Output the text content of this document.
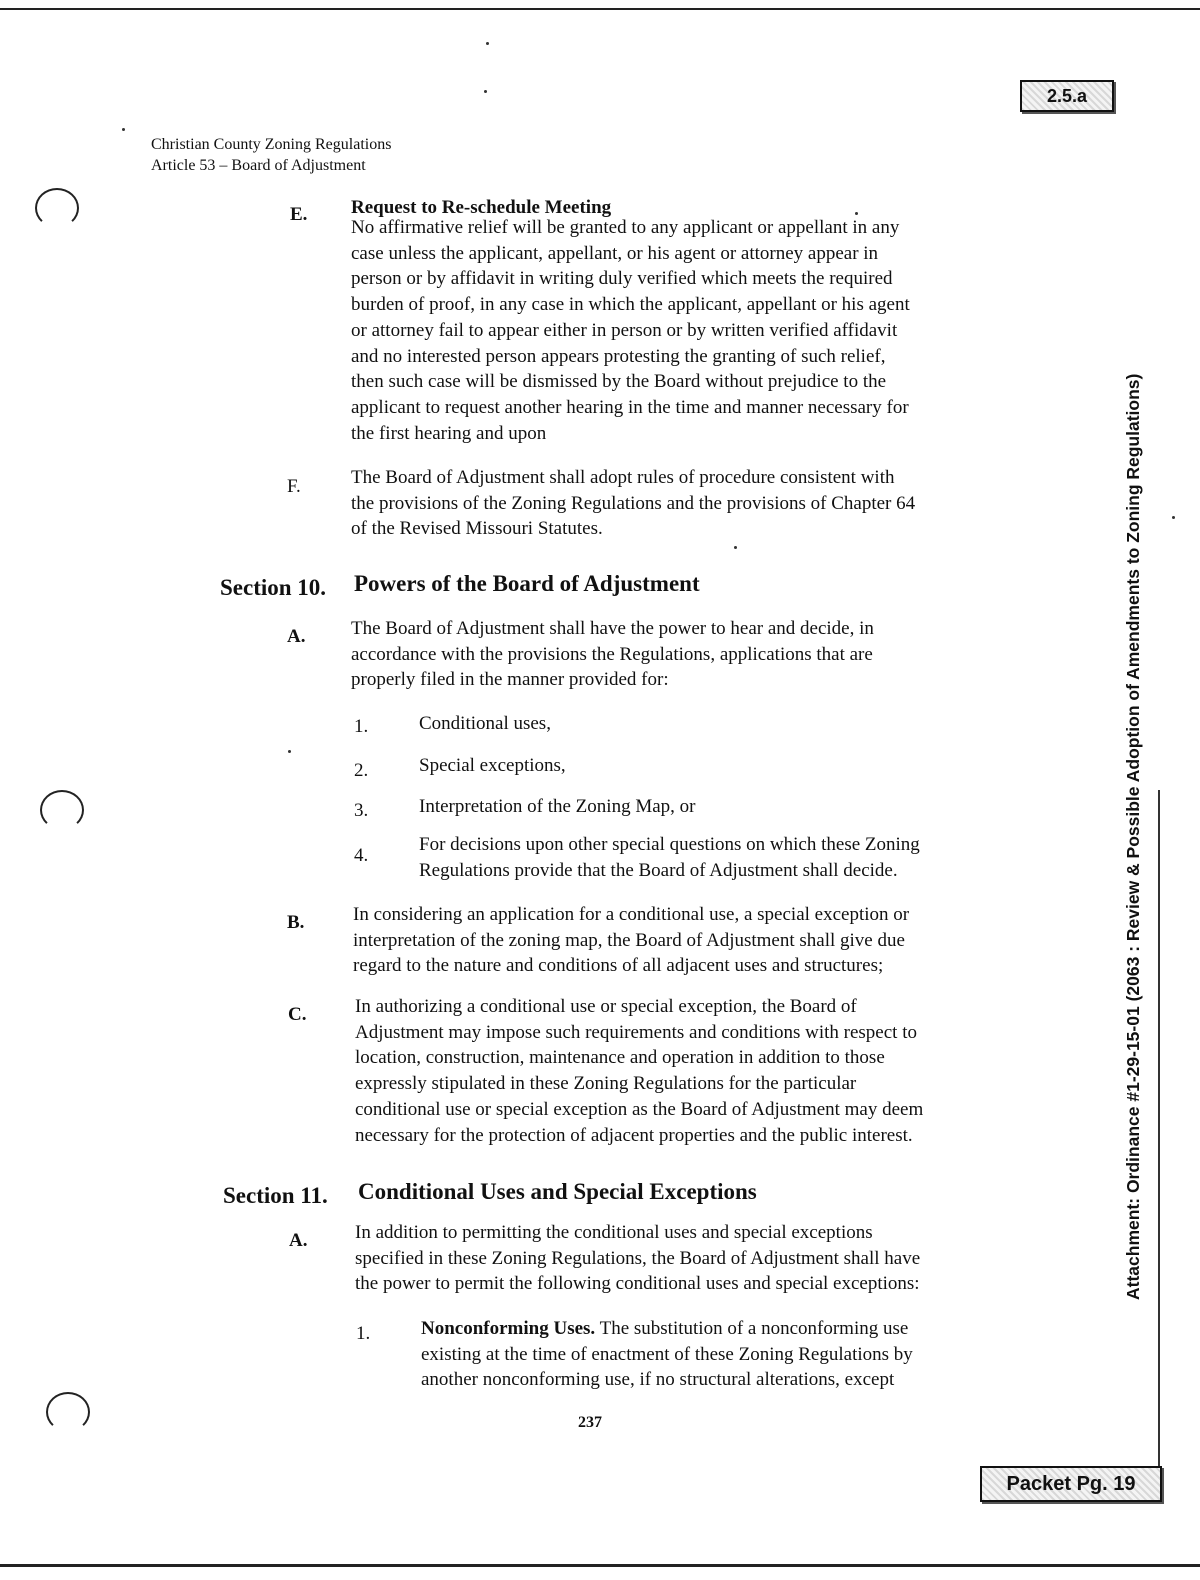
2.5.a
Packet Pg. 19
Christian County Zoning Regulations
Article 53 – Board of Adjustment
Attachment: Ordinance #1-29-15-01 (2063 : Review & Possible Adoption of Amendments to Zoning Regulations)
E. Request to Re-schedule Meeting
No affirmative relief will be granted to any applicant or appellant in any
case unless the applicant, appellant, or his agent or attorney appear in
person or by affidavit in writing duly verified which meets the required
burden of proof, in any case in which the applicant, appellant or his agent
or attorney fail to appear either in person or by written verified affidavit
and no interested person appears protesting the granting of such relief,
then such case will be dismissed by the Board without prejudice to the
applicant to request another hearing in the time and manner necessary for
the first hearing and upon
F.	The Board of Adjustment shall adopt rules of procedure consistent with
the provisions of the Zoning Regulations and the provisions of Chapter 64
of the Revised Missouri Statutes.
Section 10. Powers of the Board of Adjustment
A. The Board of Adjustment shall have the power to hear and decide, in
accordance with the provisions the Regulations, applications that are
properly filed in the manner provided for:
1.	Conditional uses,
2.	Special exceptions,
3.	Interpretation of the Zoning Map, or
4.
For decisions upon other special questions on which these Zoning
Regulations provide that the Board of Adjustment shall decide.
B.	In considering an application for a conditional use, a special exception or
interpretation of the zoning map, the Board of Adjustment shall give due
regard to the nature and conditions of all adjacent uses and structures;
C.	In authorizing a conditional use or special exception, the Board of
Adjustment may impose such requirements and conditions with respect to
location, construction, maintenance and operation in addition to those
expressly stipulated in these Zoning Regulations for the particular
conditional use or special exception as the Board of Adjustment may deem
necessary for the protection of adjacent properties and the public interest.
Section 11. Conditional Uses and Special Exceptions
A.	In addition to permitting the conditional uses and special exceptions
specified in these Zoning Regulations, the Board of Adjustment shall have
the power to permit the following conditional uses and special exceptions:
1.	Nonconforming Uses. The substitution of a nonconforming use
existing at the time of enactment of these Zoning Regulations by
another nonconforming use, if no structural alterations, except
237
